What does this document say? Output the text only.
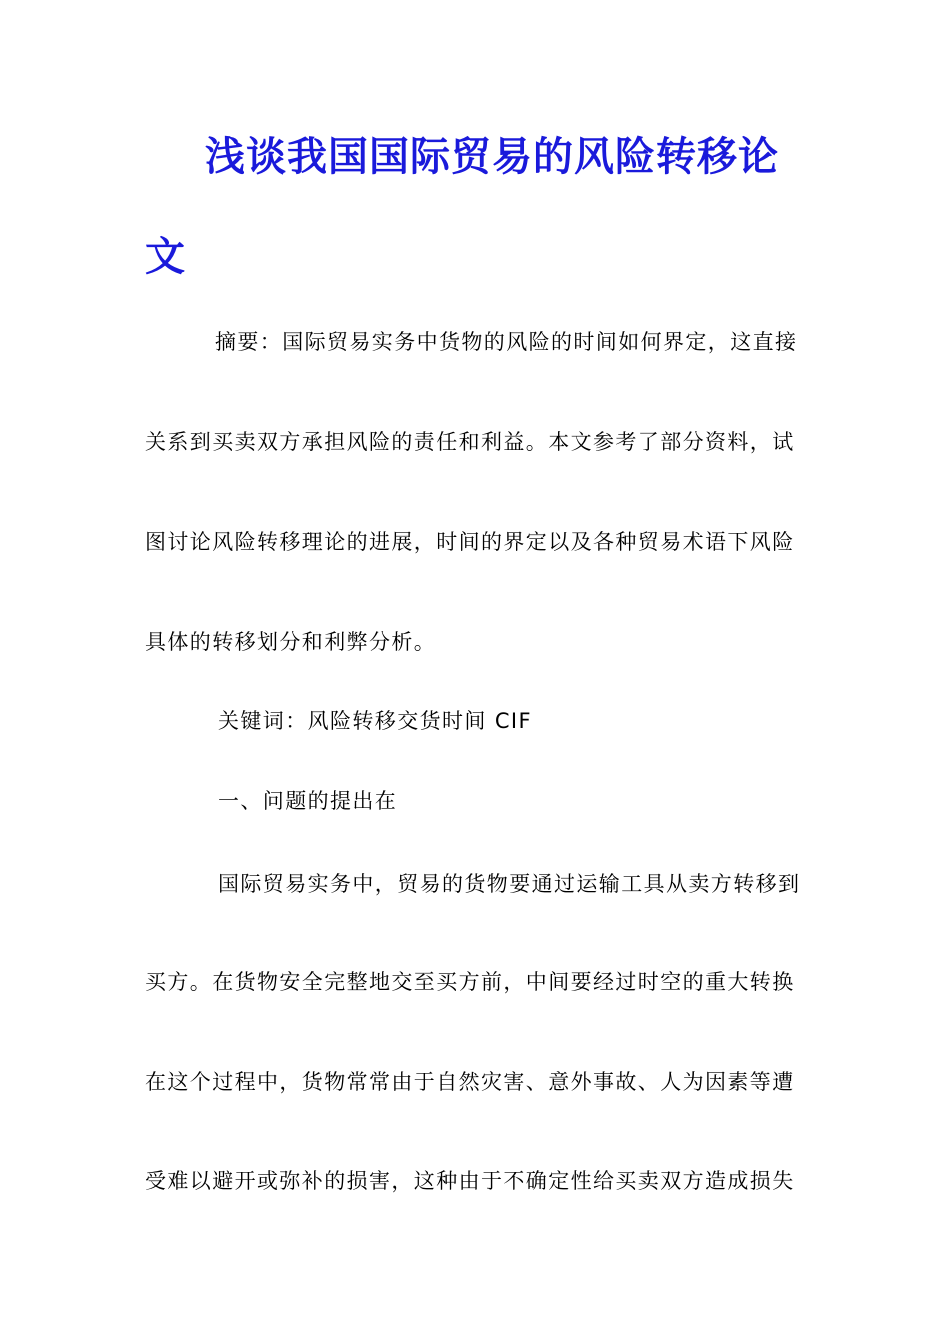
浅谈我国国际贸易的风险转移论
文
摘要：国际贸易实务中货物的风险的时间如何界定，这直接
关系到买卖双方承担风险的责任和利益。本文参考了部分资料，试
图讨论风险转移理论的进展，时间的界定以及各种贸易术语下风险
具体的转移划分和利弊分析。
关键词：风险转移交货时间 CIF
一、问题的提出在
国际贸易实务中，贸易的货物要通过运输工具从卖方转移到
买方。在货物安全完整地交至买方前，中间要经过时空的重大转换
在这个过程中，货物常常由于自然灾害、意外事故、人为因素等遭
受难以避开或弥补的损害，这种由于不确定性给买卖双方造成损失
